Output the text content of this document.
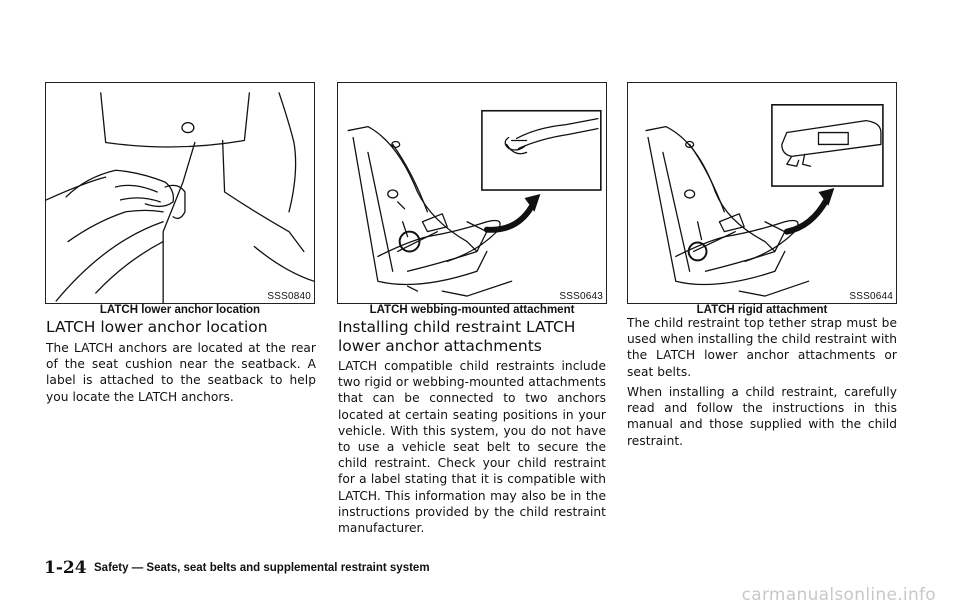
SSS0840
LATCH lower anchor location
SSS0643
LATCH webbing-mounted attachment
SSS0644
LATCH rigid attachment
LATCH lower anchor location

The LATCH anchors are located at the rear of the seat cushion near the seatback. A label is attached to the seatback to help you locate the LATCH anchors.

Installing child restraint LATCH lower anchor attachments

LATCH compatible child restraints include two rigid or webbing-mounted attachments that can be connected to two anchors located at certain seating positions in your vehicle. With this system, you do not have to use a vehicle seat belt to secure the child restraint. Check your child restraint for a label stating that it is compatible with LATCH. This information may also be in the instructions provided by the child restraint manufacturer.

The child restraint top tether strap must be used when installing the child restraint with the LATCH lower anchor attachments or seat belts.

When installing a child restraint, carefully read and follow the instructions in this manual and those supplied with the child restraint.

1-24 Safety — Seats, seat belts and supplemental restraint system
carmanualsonline.info
